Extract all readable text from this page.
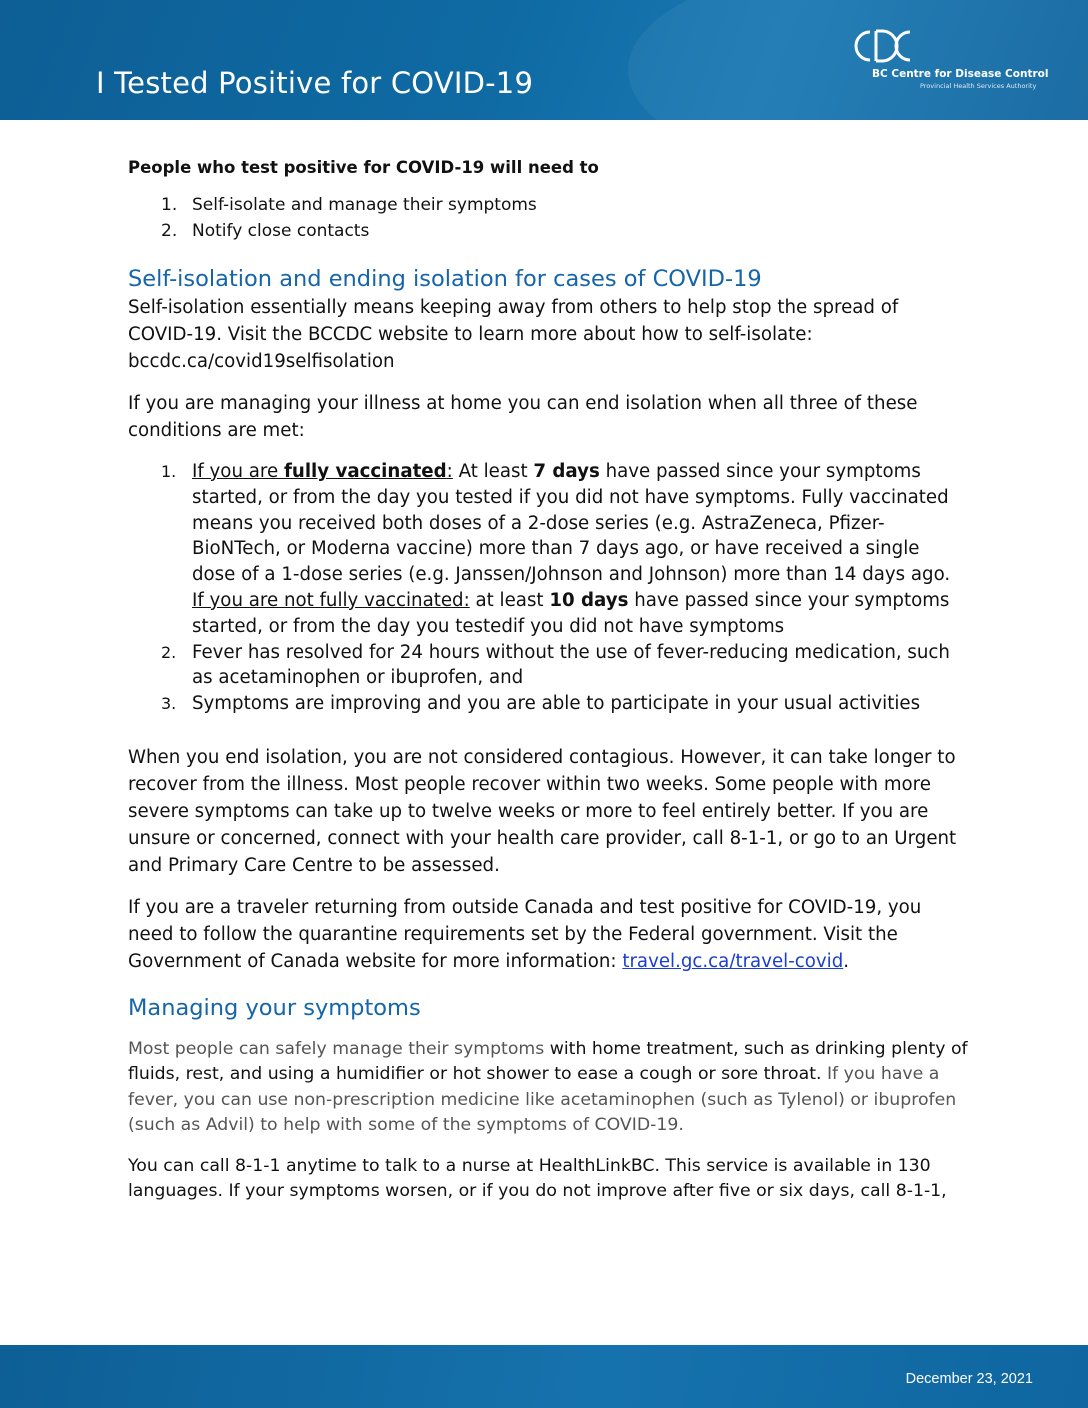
I Tested Positive for COVID-19	BC Centre for Disease Control
Provincial Health Services Authority

People who test positive for COVID-19 will need to

1. Self-isolate and manage their symptoms
2. Notify close contacts
Self-isolation and ending isolation for cases of COVID-19

Self-isolation essentially means keeping away from others to help stop the spread of COVID-19. Visit the BCCDC website to learn more about how to self-isolate: bccdc.ca/covid19selfisolation

If you are managing your illness at home you can end isolation when all three of these conditions are met:

1. If you are fully vaccinated: At least 7 days have passed since your symptoms started, or from the day you tested if you did not have symptoms. Fully vaccinated means you received both doses of a 2-dose series (e.g. AstraZeneca, Pfizer-BioNTech, or Moderna vaccine) more than 7 days ago, or have received a single dose of a 1-dose series (e.g. Janssen/Johnson and Johnson) more than 14 days ago.
If you are not fully vaccinated: at least 10 days have passed since your symptoms started, or from the day you testedif you did not have symptoms
2. Fever has resolved for 24 hours without the use of fever-reducing medication, such as acetaminophen or ibuprofen, and
3. Symptoms are improving and you are able to participate in your usual activities

When you end isolation, you are not considered contagious. However, it can take longer to recover from the illness. Most people recover within two weeks. Some people with more severe symptoms can take up to twelve weeks or more to feel entirely better. If you are unsure or concerned, connect with your health care provider, call 8-1-1, or go to an Urgent and Primary Care Centre to be assessed.

If you are a traveler returning from outside Canada and test positive for COVID-19, you need to follow the quarantine requirements set by the Federal government. Visit the Government of Canada website for more information: travel.gc.ca/travel-covid.

Managing your symptoms

Most people can safely manage their symptoms with home treatment, such as drinking plenty of fluids, rest, and using a humidifier or hot shower to ease a cough or sore throat. If you have a fever, you can use non-prescription medicine like acetaminophen (such as Tylenol) or ibuprofen (such as Advil) to help with some of the symptoms of COVID-19.

You can call 8-1-1 anytime to talk to a nurse at HealthLinkBC. This service is available in 130 languages. If your symptoms worsen, or if you do not improve after five or six days, call 8-1-1,

December 23, 2021
